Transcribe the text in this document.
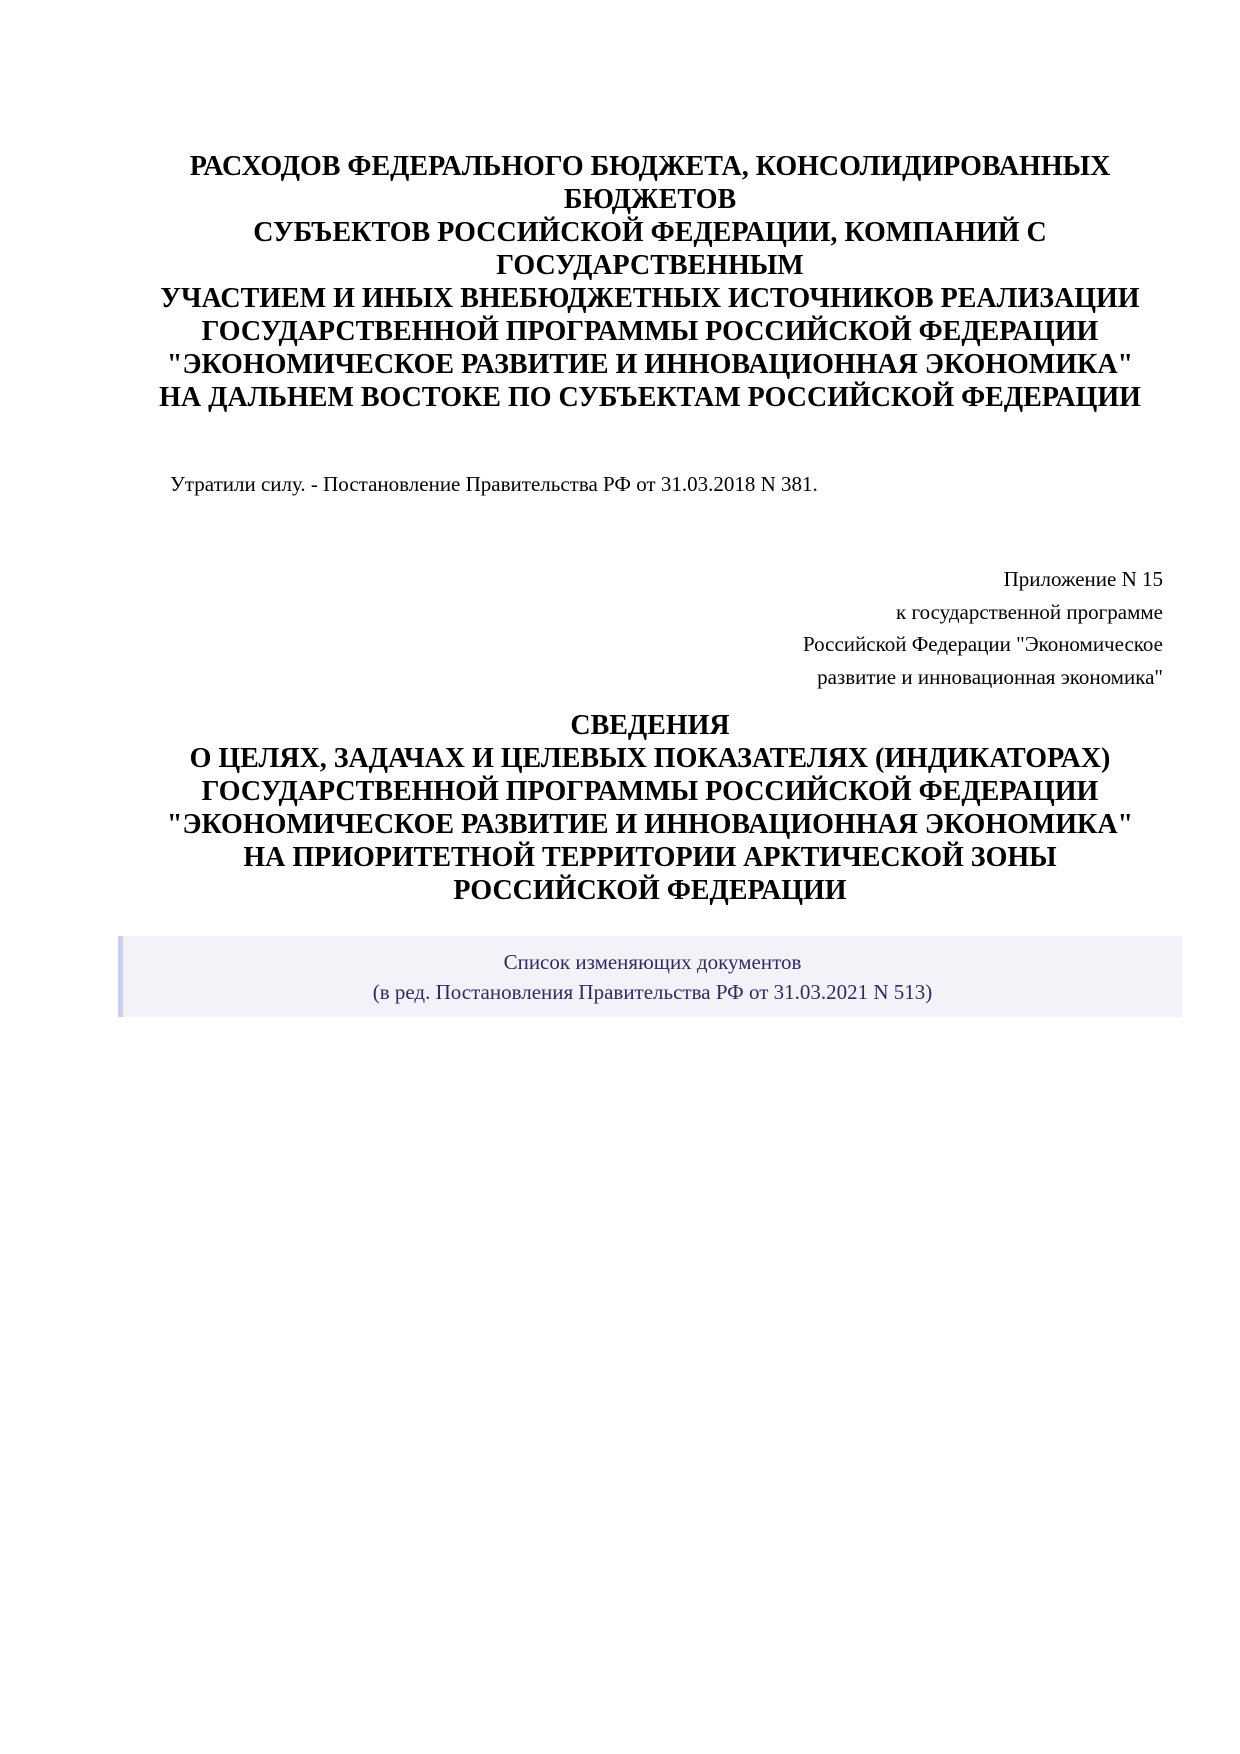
РАСХОДОВ ФЕДЕРАЛЬНОГО БЮДЖЕТА, КОНСОЛИДИРОВАННЫХ
БЮДЖЕТОВ
СУБЪЕКТОВ РОССИЙСКОЙ ФЕДЕРАЦИИ, КОМПАНИЙ С
ГОСУДАРСТВЕННЫМ
УЧАСТИЕМ И ИНЫХ ВНЕБЮДЖЕТНЫХ ИСТОЧНИКОВ РЕАЛИЗАЦИИ
ГОСУДАРСТВЕННОЙ ПРОГРАММЫ РОССИЙСКОЙ ФЕДЕРАЦИИ
"ЭКОНОМИЧЕСКОЕ РАЗВИТИЕ И ИННОВАЦИОННАЯ ЭКОНОМИКА"
НА ДАЛЬНЕМ ВОСТОКЕ ПО СУБЪЕКТАМ РОССИЙСКОЙ ФЕДЕРАЦИИ

Утратили силу. - Постановление Правительства РФ от 31.03.2018 N 381.

Приложение N 15
к государственной программе
Российской Федерации "Экономическое
развитие и инновационная экономика"
СВЕДЕНИЯ
О ЦЕЛЯХ, ЗАДАЧАХ И ЦЕЛЕВЫХ ПОКАЗАТЕЛЯХ (ИНДИКАТОРАХ)
ГОСУДАРСТВЕННОЙ ПРОГРАММЫ РОССИЙСКОЙ ФЕДЕРАЦИИ
"ЭКОНОМИЧЕСКОЕ РАЗВИТИЕ И ИННОВАЦИОННАЯ ЭКОНОМИКА"
НА ПРИОРИТЕТНОЙ ТЕРРИТОРИИ АРКТИЧЕСКОЙ ЗОНЫ
РОССИЙСКОЙ ФЕДЕРАЦИИ
Список изменяющих документов
(в ред. Постановления Правительства РФ от 31.03.2021 N 513)
